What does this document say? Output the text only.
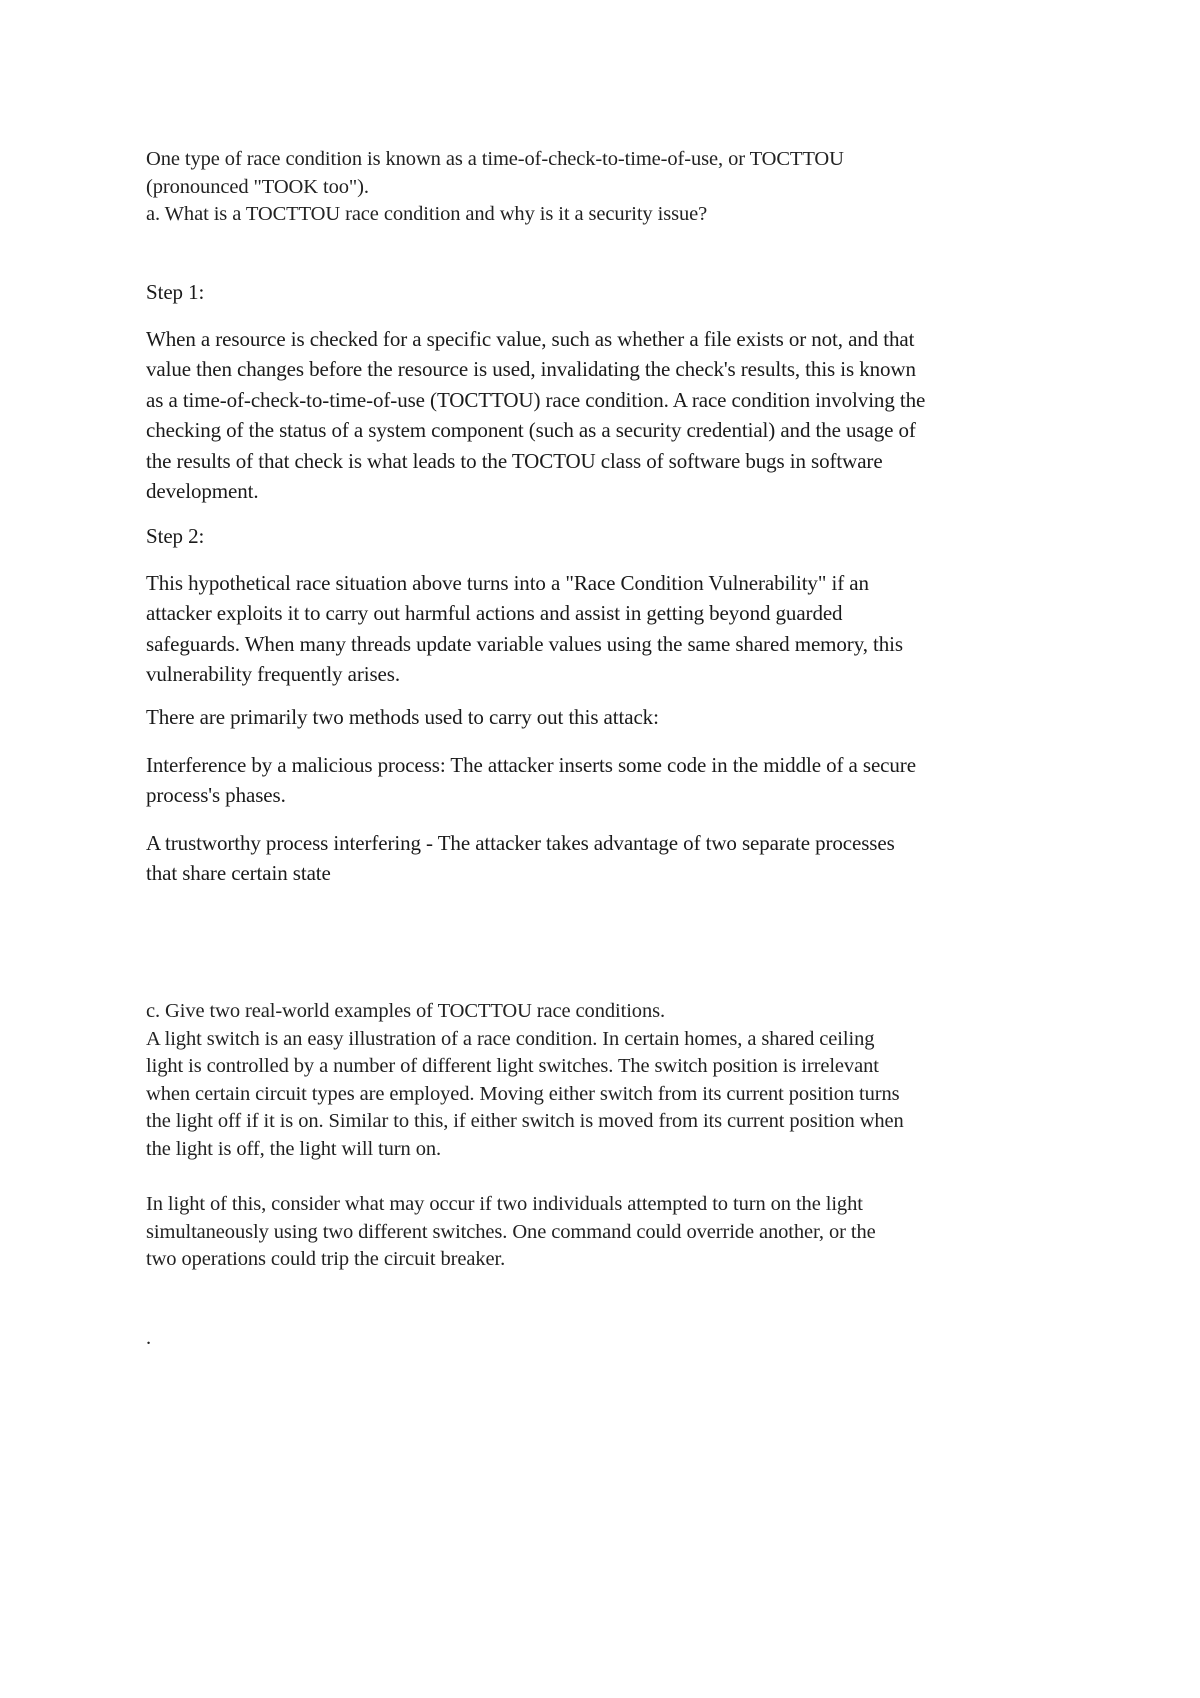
One type of race condition is known as a time-of-check-to-time-of-use, or TOCTTOU
(pronounced "TOOK too").
a. What is a TOCTTOU race condition and why is it a security issue?
Step 1:
When a resource is checked for a specific value, such as whether a file exists or not, and that
value then changes before the resource is used, invalidating the check's results, this is known
as a time-of-check-to-time-of-use (TOCTTOU) race condition. A race condition involving the
checking of the status of a system component (such as a security credential) and the usage of
the results of that check is what leads to the TOCTOU class of software bugs in software
development.
Step 2:
This hypothetical race situation above turns into a "Race Condition Vulnerability" if an
attacker exploits it to carry out harmful actions and assist in getting beyond guarded
safeguards. When many threads update variable values using the same shared memory, this
vulnerability frequently arises.
There are primarily two methods used to carry out this attack:
Interference by a malicious process: The attacker inserts some code in the middle of a secure
process's phases.
A trustworthy process interfering - The attacker takes advantage of two separate processes
that share certain state
c. Give two real-world examples of TOCTTOU race conditions.
A light switch is an easy illustration of a race condition. In certain homes, a shared ceiling
light is controlled by a number of different light switches. The switch position is irrelevant
when certain circuit types are employed. Moving either switch from its current position turns
the light off if it is on. Similar to this, if either switch is moved from its current position when
the light is off, the light will turn on.
In light of this, consider what may occur if two individuals attempted to turn on the light
simultaneously using two different switches. One command could override another, or the
two operations could trip the circuit breaker.
.
